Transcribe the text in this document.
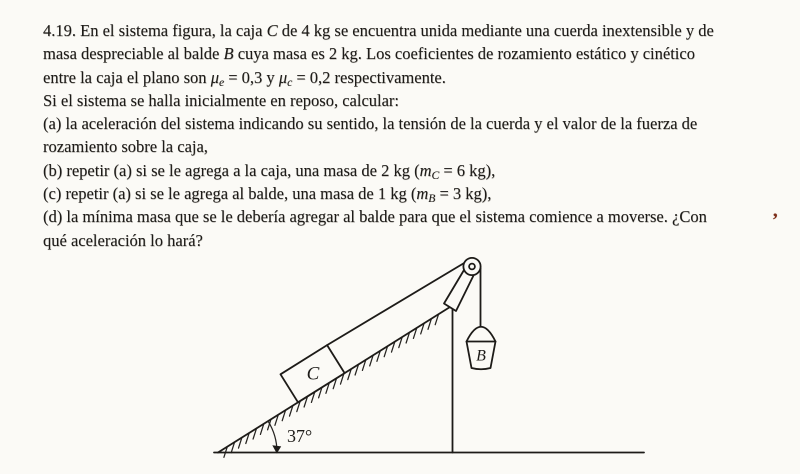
4.19. En el sistema figura, la caja C de 4 kg se encuentra unida mediante una cuerda inextensible y de
masa despreciable al balde B cuya masa es 2 kg. Los coeficientes de rozamiento estático y cinético
entre la caja el plano son $\mu_e = 0,3$ y $\mu_c = 0,2$ respectivamente.
Si el sistema se halla inicialmente en reposo, calcular:
(a) la aceleración del sistema indicando su sentido, la tensión de la cuerda y el valor de la fuerza de
rozamiento sobre la caja,
(b) repetir (a) si se le agrega a la caja, una masa de 2 kg ($m_C = 6$ kg),
(c) repetir (a) si se le agrega al balde, una masa de 1 kg ($m_B = 3$ kg),
(d) la mínima masa que se le debería agregar al balde para que el sistema comience a moverse. ¿Con
qué aceleración lo hará?
’
37°
C
B
